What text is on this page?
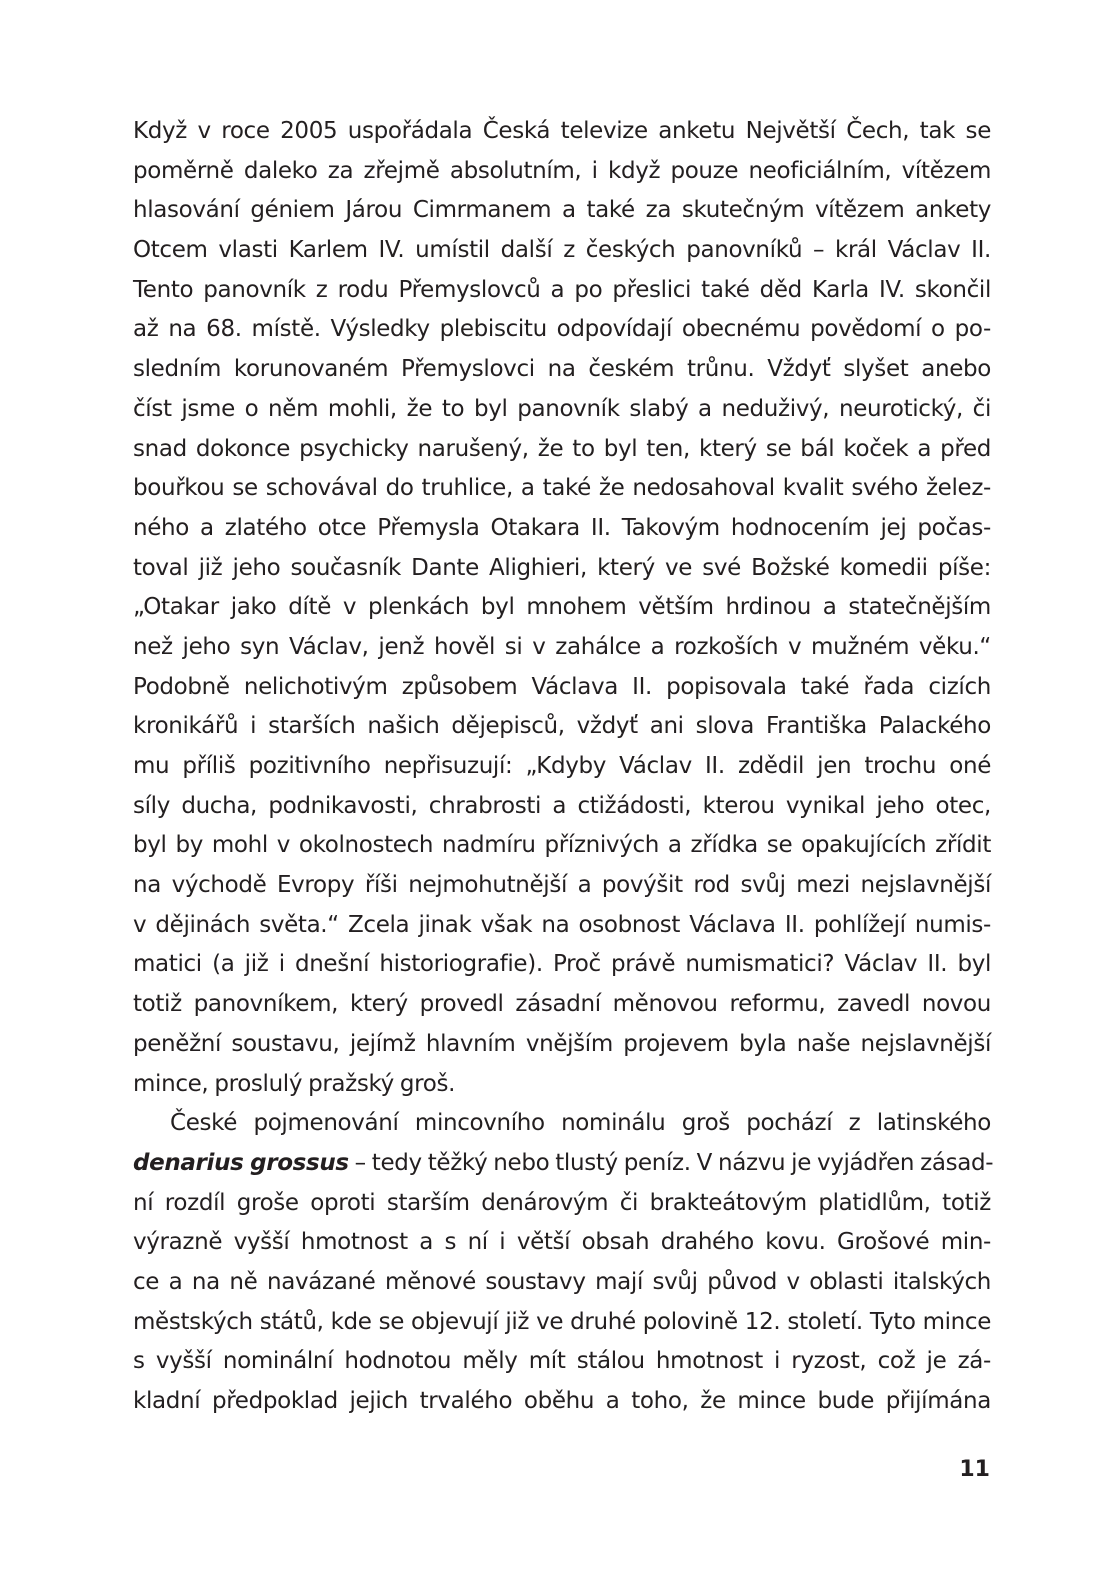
Když v roce 2005 uspořádala Česká televize anketu Největší Čech, tak se
poměrně daleko za zřejmě absolutním, i když pouze neoficiálním, vítězem
hlasování géniem Járou Cimrmanem a také za skutečným vítězem ankety
Otcem vlasti Karlem IV. umístil další z českých panovníků – král Václav II.
Tento panovník z rodu Přemyslovců a po přeslici také děd Karla IV. skončil
až na 68. místě. Výsledky plebiscitu odpovídají obecnému povědomí o po-
sledním korunovaném Přemyslovci na českém trůnu. Vždyť slyšet anebo
číst jsme o něm mohli, že to byl panovník slabý a neduživý, neurotický, či
snad dokonce psychicky narušený, že to byl ten, který se bál koček a před
bouřkou se schovával do truhlice, a také že nedosahoval kvalit svého želez-
ného a zlatého otce Přemysla Otakara II. Takovým hodnocením jej počas-
toval již jeho současník Dante Alighieri, který ve své Božské komedii píše:
„Otakar jako dítě v plenkách byl mnohem větším hrdinou a statečnějším
než jeho syn Václav, jenž hověl si v zahálce a rozkoších v mužném věku.“
Podobně nelichotivým způsobem Václava II. popisovala také řada cizích
kronikářů i starších našich dějepisců, vždyť ani slova Františka Palackého
mu příliš pozitivního nepřisuzují: „Kdyby Václav II. zdědil jen trochu oné
síly ducha, podnikavosti, chrabrosti a ctižádosti, kterou vynikal jeho otec,
byl by mohl v okolnostech nadmíru příznivých a zřídka se opakujících zřídit
na východě Evropy říši nejmohutnější a povýšit rod svůj mezi nejslavnější
v dějinách světa.“ Zcela jinak však na osobnost Václava II. pohlížejí numis-
matici (a již i dnešní historiografie). Proč právě numismatici? Václav II. byl
totiž panovníkem, který provedl zásadní měnovou reformu, zavedl novou
peněžní soustavu, jejímž hlavním vnějším projevem byla naše nejslavnější
mince, proslulý pražský groš.
České pojmenování mincovního nominálu groš pochází z latinského
denarius grossus – tedy těžký nebo tlustý peníz. V názvu je vyjádřen zásad-
ní rozdíl groše oproti starším denárovým či brakteátovým platidlům, totiž
výrazně vyšší hmotnost a s ní i větší obsah drahého kovu. Grošové min-
ce a na ně navázané měnové soustavy mají svůj původ v oblasti italských
městských států, kde se objevují již ve druhé polovině 12. století. Tyto mince
s vyšší nominální hodnotou měly mít stálou hmotnost i ryzost, což je zá-
kladní předpoklad jejich trvalého oběhu a toho, že mince bude přijímána
11
